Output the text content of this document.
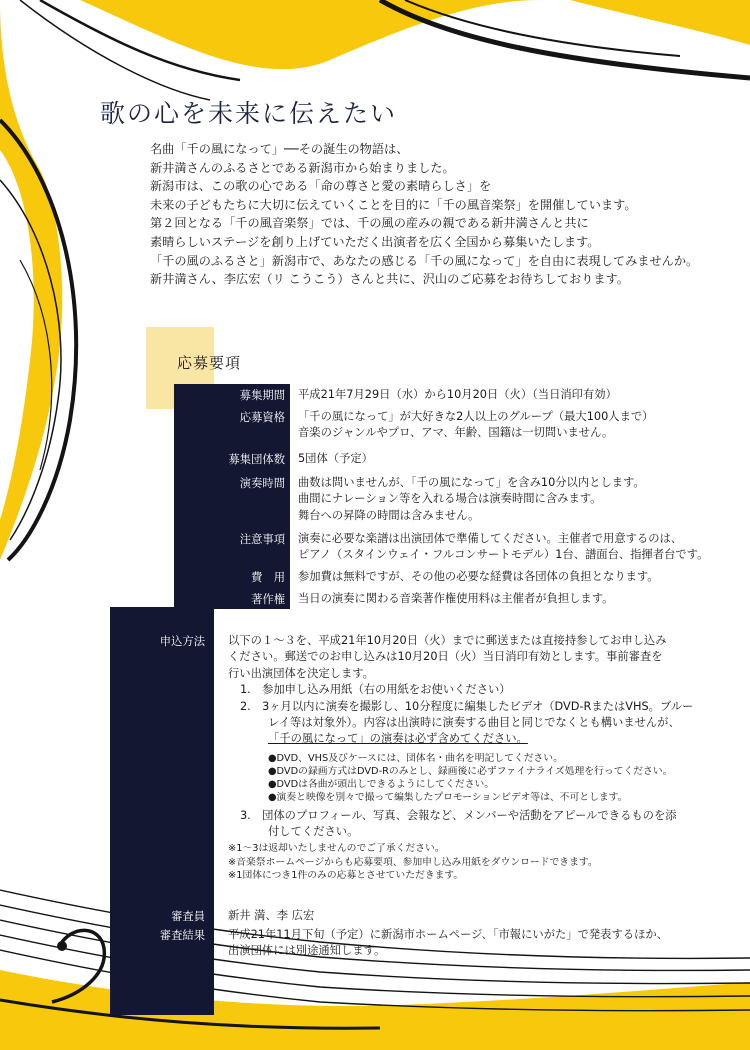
歌の心を未来に伝えたい

名曲「千の風になって」──その誕生の物語は、

新井満さんのふるさとである新潟市から始まりました。

新潟市は、この歌の心である「命の尊さと愛の素晴らしさ」を

未来の子どもたちに大切に伝えていくことを目的に「千の風音楽祭」を開催しています。

第２回となる「千の風音楽祭」では、千の風の産みの親である新井満さんと共に

素晴らしいステージを創り上げていただく出演者を広く全国から募集いたします。

「千の風のふるさと」新潟市で、あなたの感じる「千の風になって」を自由に表現してみませんか。

新井満さん、李広宏（リ こうこう）さんと共に、沢山のご応募をお待ちしております。

応募要項
募集期間
応募資格
募集団体数
演奏時間
注意事項
費　用
著作権
申込方法
審査員
審査結果

平成21年7月29日（水）から10月20日（火）（当日消印有効）

「千の風になって」が大好きな2人以上のグループ（最大100人まで）

音楽のジャンルやプロ、アマ、年齢、国籍は一切問いません。

5団体（予定）

曲数は問いませんが、「千の風になって」を含み10分以内とします。

曲間にナレーション等を入れる場合は演奏時間に含みます。

舞台への昇降の時間は含みません。

演奏に必要な楽譜は出演団体で準備してください。主催者で用意するのは、

ピアノ（スタインウェイ・フルコンサートモデル）1台、譜面台、指揮者台です。

参加費は無料ですが、その他の必要な経費は各団体の負担となります。

当日の演奏に関わる音楽著作権使用料は主催者が負担します。

以下の１～３を、平成21年10月20日（火）までに郵送または直接持参してお申し込み

ください。郵送でのお申し込みは10月20日（火）当日消印有効とします。事前審査を

行い出演団体を決定します。

1.　参加申し込み用紙（右の用紙をお使いください）

2.　3ヶ月以内に演奏を撮影し、10分程度に編集したビデオ（DVD-RまたはVHS。ブルー

レイ等は対象外）。内容は出演時に演奏する曲目と同じでなくとも構いませんが、

「千の風になって」の演奏は必ず含めてください。

●DVD、VHS及びケースには、団体名・曲名を明記してください。

●DVDの録画方式はDVD-Rのみとし、録画後に必ずファイナライズ処理を行ってください。

●DVDは各曲が頭出しできるようにしてください。

●演奏と映像を別々で撮って編集したプロモーションビデオ等は、不可とします。

3.　団体のプロフィール、写真、会報など、メンバーや活動をアピールできるものを添

付してください。

※1～3は返却いたしませんのでご了承ください。

※音楽祭ホームページからも応募要項、参加申し込み用紙をダウンロードできます。

※1団体につき1件のみの応募とさせていただきます。

新井 満、李 広宏

平成21年11月下旬（予定）に新潟市ホームページ、「市報にいがた」で発表するほか、

出演団体には別途通知します。
